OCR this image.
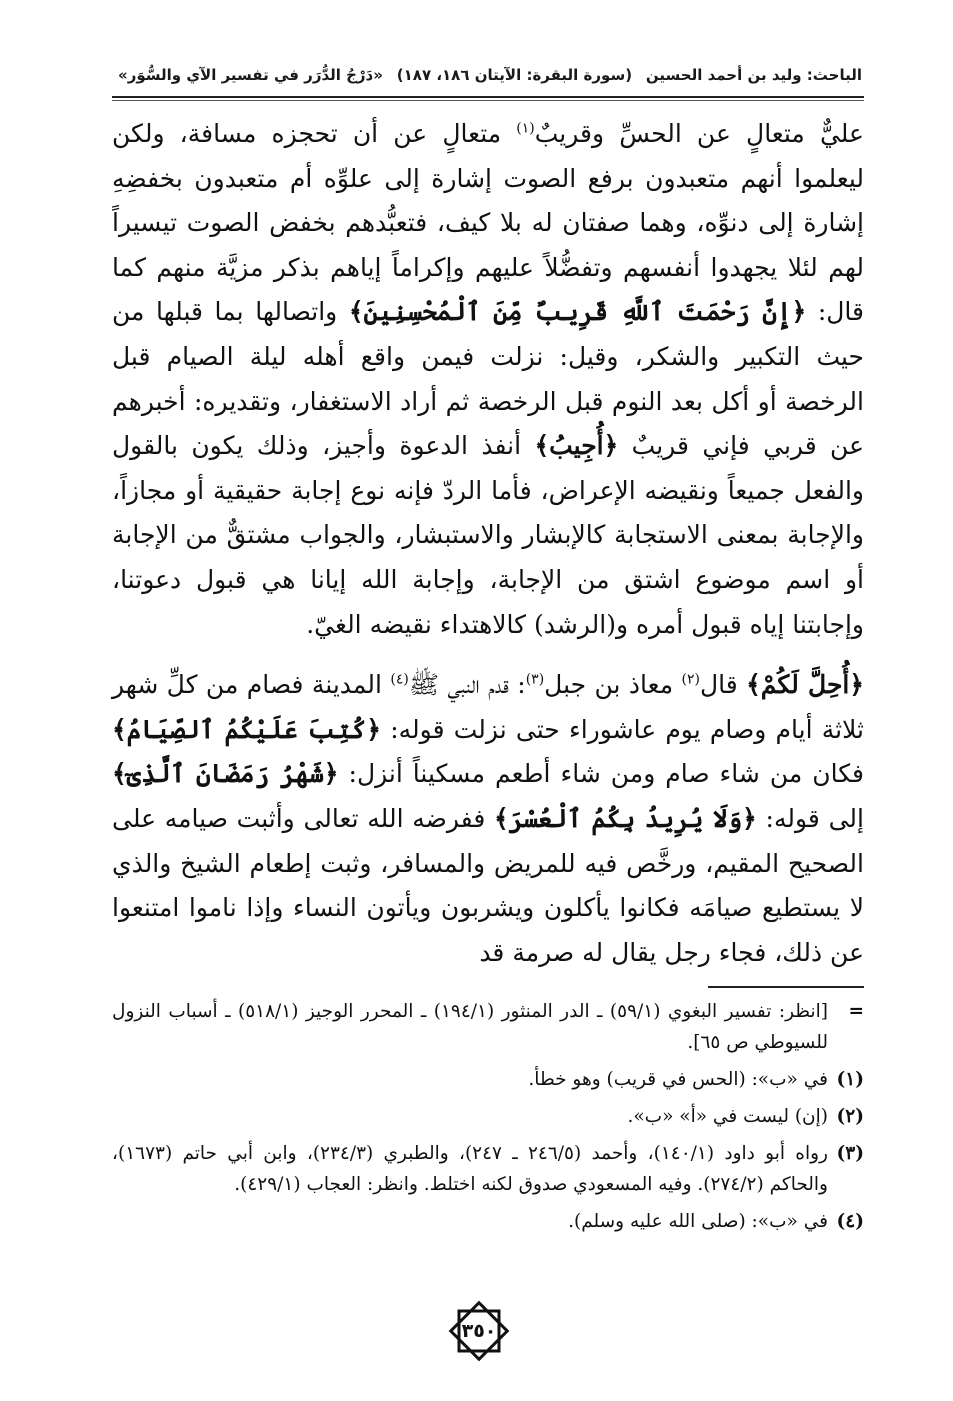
الباحث: وليد بن أحمد الحسين
(سورة البقرة: الآيتان ١٨٦، ١٨٧)
«دَرْجُ الدُّرَر في تفسير الآي والسُّوَر»

عليٌّ متعالٍ عن الحسِّ وقريبٌ$^{(١)}$ متعالٍ عن أن تحجزه مسافة، ولكن ليعلموا أنهم متعبدون برفع الصوت إشارة إلى علوِّه أم متعبدون بخفضِهِ إشارة إلى دنوِّه، وهما صفتان له بلا كيف، فتعبُّدهم بخفض الصوت تيسيراً لهم لئلا يجهدوا أنفسهم وتفضُّلاً عليهم وإكراماً إياهم بذكر مزيَّة منهم كما قال: ﴿إِنَّ رَحْمَتَ ٱللَّهِ قَرِيبٌ مِّنَ ٱلْمُحْسِنِينَ﴾ واتصالها بما قبلها من حيث التكبير والشكر، وقيل: نزلت فيمن واقع أهله ليلة الصيام قبل الرخصة أو أكل بعد النوم قبل الرخصة ثم أراد الاستغفار، وتقديره: أخبرهم عن قربي فإني قريبٌ ﴿أُجِيبُ﴾ أنفذ الدعوة وأجيز، وذلك يكون بالقول والفعل جميعاً ونقيضه الإعراض، فأما الردّ فإنه نوع إجابة حقيقية أو مجازاً، والإجابة بمعنى الاستجابة كالإبشار والاستبشار، والجواب مشتقٌّ من الإجابة أو اسم موضوع اشتق من الإجابة، وإجابة الله إيانا هي قبول دعوتنا، وإجابتنا إياه قبول أمره و(الرشد) كالاهتداء نقيضه الغيّ.

﴿أُحِلَّ لَكُمْ﴾ قال$^{(٢)}$ معاذ بن جبل$^{(٣)}$: قدم النبي ﷺ$^{(٤)}$ المدينة فصام من كلِّ شهر ثلاثة أيام وصام يوم عاشوراء حتى نزلت قوله: ﴿كُتِبَ عَلَيْكُمُ ٱلصِّيَامُ﴾ فكان من شاء صام ومن شاء أطعم مسكيناً أنزل: ﴿شَهْرُ رَمَضَانَ ٱلَّذِىٓ﴾ إلى قوله: ﴿وَلَا يُرِيدُ بِكُمُ ٱلْعُسْرَ﴾ ففرضه الله تعالى وأثبت صيامه على الصحيح المقيم، ورخَّص فيه للمريض والمسافر، وثبت إطعام الشيخ والذي لا يستطيع صيامَه فكانوا يأكلون ويشربون ويأتون النساء وإذا ناموا امتنعوا عن ذلك، فجاء رجل يقال له صرمة قد

=
[انظر: تفسير البغوي (٥٩/١) ـ الدر المنثور (١٩٤/١) ـ المحرر الوجيز (٥١٨/١) ـ أسباب النزول للسيوطي ص ٦٥].
(١)
في «ب»: (الحس في قريب) وهو خطأ.
(٢)
(إن) ليست في «أ» «ب».
(٣)
رواه أبو داود (١٤٠/١)، وأحمد (٢٤٦/٥ ـ ٢٤٧)، والطبري (٢٣٤/٣)، وابن أبي حاتم (١٦٧٣)، والحاكم (٢٧٤/٢). وفيه المسعودي صدوق لكنه اختلط. وانظر: العجاب (٤٢٩/١).
(٤)
في «ب»: (صلى الله عليه وسلم).
٣٥٠
